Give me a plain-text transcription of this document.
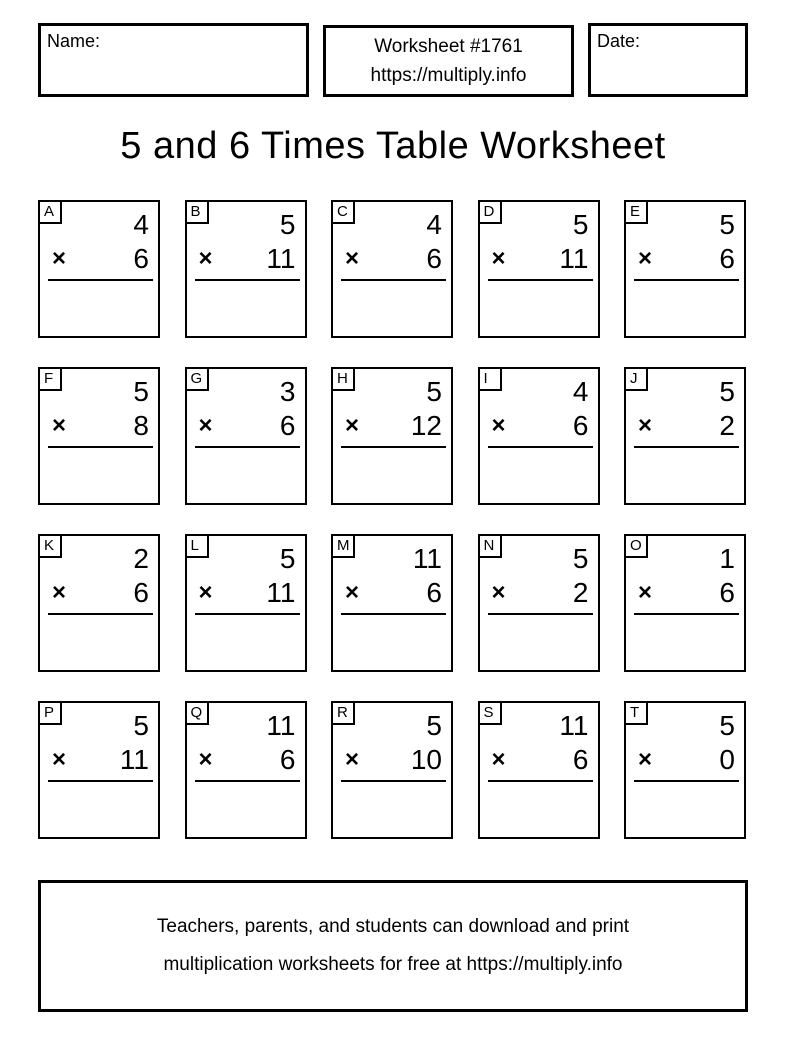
Name:	Worksheet #1761
https://multiply.info
Date:
5 and 6 Times Table Worksheet
A	4
× 6
B	5
× 11
C	4
× 6
D	5
× 11
E	5
× 6
F	5
× 8
G	3
× 6
H	5
× 12
I	4
× 6
J	5
× 2
K	2
× 6
L	5
× 11
M 11
× 6
N	5
× 2
O	1
× 6
P	5
× 11
Q 11
× 6
R	5
× 10
S 11
× 6
T	5
× 0
Teachers, parents, and students can download and print
multiplication worksheets for free at https://multiply.info
